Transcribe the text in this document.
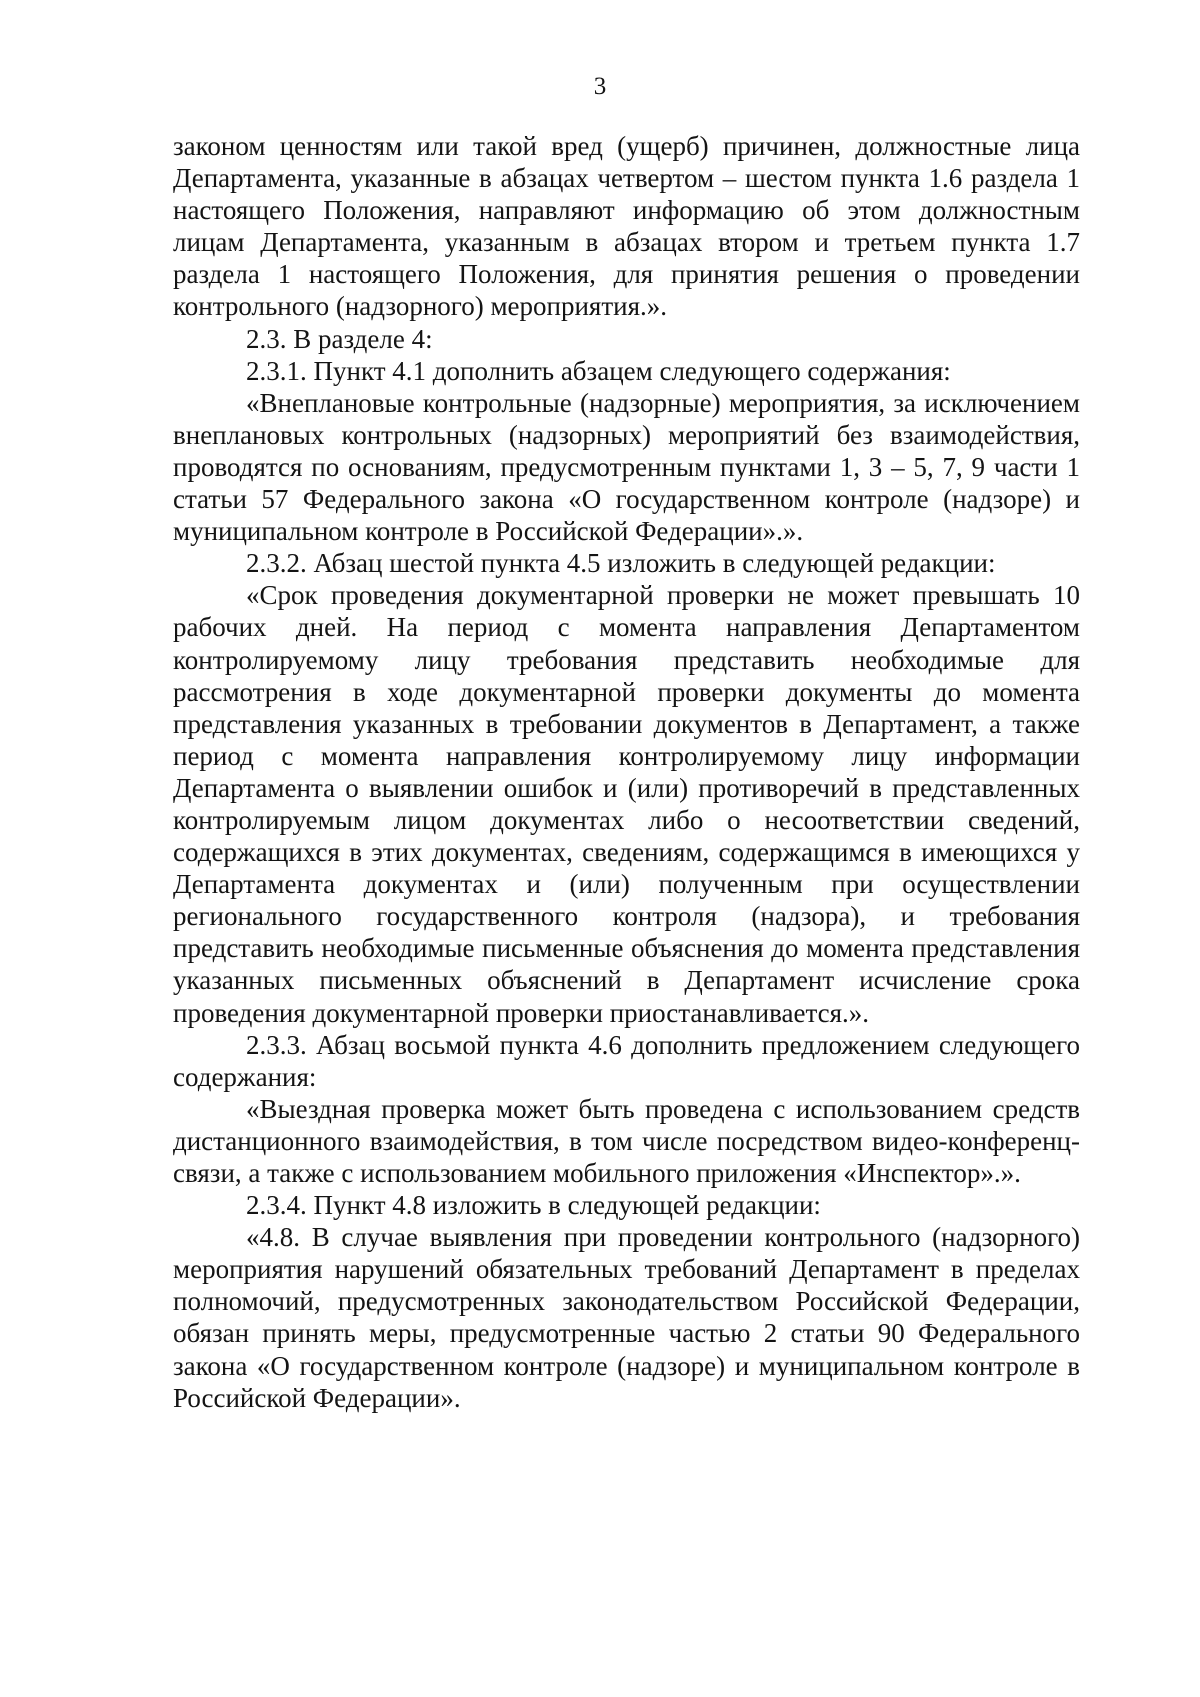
3

законом ценностям или такой вред (ущерб) причинен, должностные лица Департамента, указанные в абзацах четвертом – шестом пункта 1.6 раздела 1 настоящего Положения, направляют информацию об этом должностным лицам Департамента, указанным в абзацах втором и третьем пункта 1.7 раздела 1 настоящего Положения, для принятия решения о проведении контрольного (надзорного) мероприятия.».

2.3. В разделе 4:

2.3.1. Пункт 4.1 дополнить абзацем следующего содержания:

«Внеплановые контрольные (надзорные) мероприятия, за исключением внеплановых контрольных (надзорных) мероприятий без взаимодействия, проводятся по основаниям, предусмотренным пунктами 1, 3 – 5, 7, 9 части 1 статьи 57 Федерального закона «О государственном контроле (надзоре) и муниципальном контроле в Российской Федерации».».

2.3.2. Абзац шестой пункта 4.5 изложить в следующей редакции:

«Срок проведения документарной проверки не может превышать 10 рабочих дней. На период с момента направления Департаментом контролируемому лицу требования представить необходимые для рассмотрения в ходе документарной проверки документы до момента представления указанных в требовании документов в Департамент, а также период с момента направления контролируемому лицу информации Департамента о выявлении ошибок и (или) противоречий в представленных контролируемым лицом документах либо о несоответствии сведений, содержащихся в этих документах, сведениям, содержащимся в имеющихся у Департамента документах и (или) полученным при осуществлении регионального государственного контроля (надзора), и требования представить необходимые письменные объяснения до момента представления указанных письменных объяснений в Департамент исчисление срока проведения документарной проверки приостанавливается.».

2.3.3. Абзац восьмой пункта 4.6 дополнить предложением следующего содержания:

«Выездная проверка может быть проведена с использованием средств дистанционного взаимодействия, в том числе посредством видео-конференц-связи, а также с использованием мобильного приложения «Инспектор».».

2.3.4. Пункт 4.8 изложить в следующей редакции:

«4.8. В случае выявления при проведении контрольного (надзорного) мероприятия нарушений обязательных требований Департамент в пределах полномочий, предусмотренных законодательством Российской Федерации, обязан принять меры, предусмотренные частью 2 статьи 90 Федерального закона «О государственном контроле (надзоре) и муниципальном контроле в Российской Федерации».
